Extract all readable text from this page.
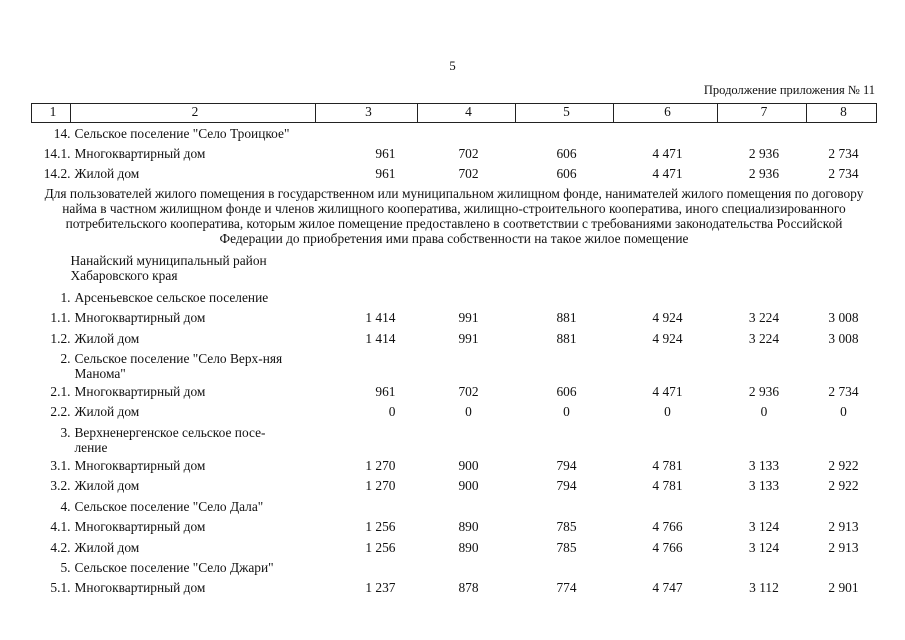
5
Продолжение приложения № 11
1	2	3	4	5	6	7	8
14.	Сельское поселение "Село Троицкое"						
14.1.	Многоквартирный дом	961	702	606	4 471	2 936	2 734
14.2.	Жилой дом	961	702	606	4 471	2 936	2 734
Для пользователей жилого помещения в государственном или муниципальном жилищном фонде, нанимателей жилого помещения по договору найма в частном жилищном фонде и членов жилищного кооператива, жилищно-строительного кооператива, иного специализированного потребительского кооператива, которым жилое помещение предоставлено в соответствии с требованиями законодательства Российской Федерации до приобретения ими права собственности на такое жилое помещение							
	Нанайский муниципальный район Хабаровского края						
1.	Арсеньевское сельское поселение						
1.1.	Многоквартирный дом	1 414	991	881	4 924	3 224	3 008
1.2.	Жилой дом	1 414	991	881	4 924	3 224	3 008
2.	Сельское поселение "Село Верх-няя Манома"						
2.1.	Многоквартирный дом	961	702	606	4 471	2 936	2 734
2.2.	Жилой дом	0	0	0	0	0	0
3.	Верхненергенское сельское посе-ление						
3.1.	Многоквартирный дом	1 270	900	794	4 781	3 133	2 922
3.2.	Жилой дом	1 270	900	794	4 781	3 133	2 922
4.	Сельское поселение "Село Дала"						
4.1.	Многоквартирный дом	1 256	890	785	4 766	3 124	2 913
4.2.	Жилой дом	1 256	890	785	4 766	3 124	2 913
5.	Сельское поселение "Село Джари"						
5.1.	Многоквартирный дом	1 237	878	774	4 747	3 112	2 901
